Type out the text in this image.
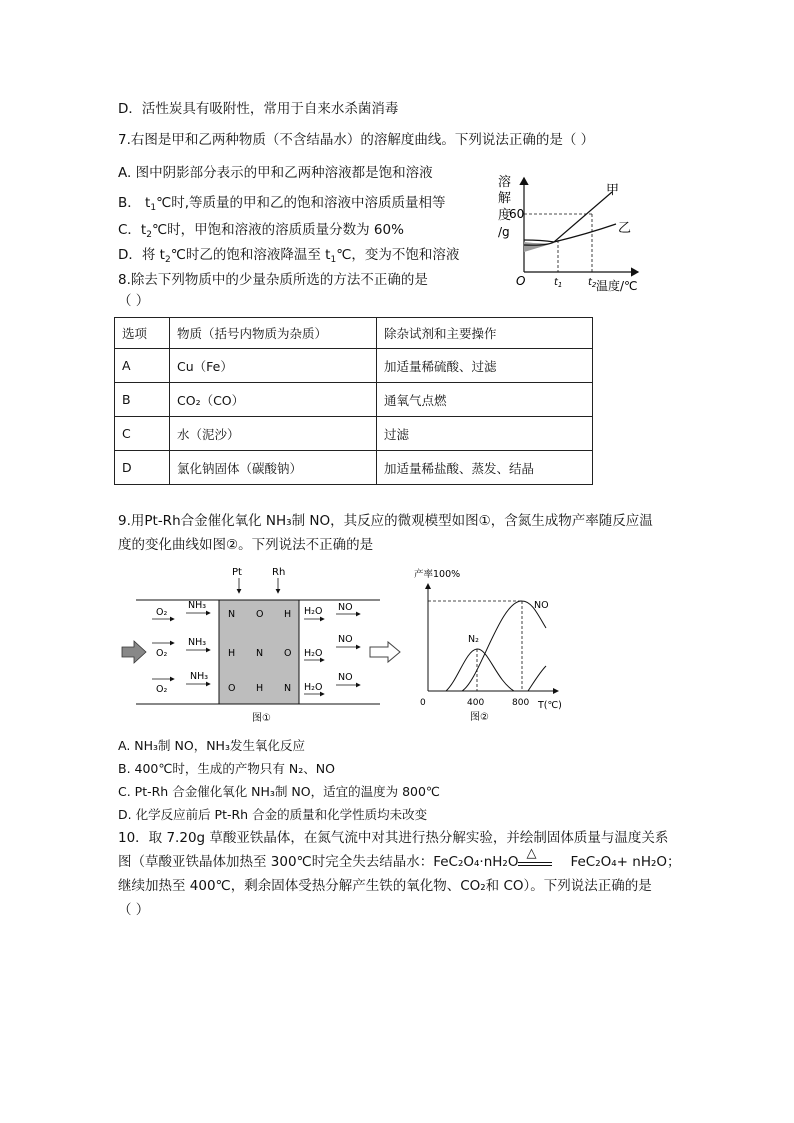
D．活性炭具有吸附性，常用于自来水杀菌消毒
7.右图是甲和乙两种物质（不含结晶水）的溶解度曲线。下列说法正确的是（ ）
A. 图中阴影部分表示的甲和乙两种溶液都是饱和溶液
B． $t_1℃$时,等质量的甲和乙的饱和溶液中溶质质量相等
C．$t_2℃$时，甲饱和溶液的溶质质量分数为 60%
D．将 $t_2℃$时乙的饱和溶液降温至 $t_1℃$，变为不饱和溶液
溶
解
度
/g
60
甲
乙
O	$t_1$	$t_2$ 温度/℃
8.除去下列物质中的少量杂质所选的方法不正确的是
（ ）
选项	物质（括号内物质为杂质）	除杂试剂和主要操作
A	Cu（Fe）	加适量稀硫酸、过滤
B	CO₂（CO）	通氧气点燃
C	水（泥沙）	过滤
D	氯化钠固体（碳酸钠）	加适量稀盐酸、蒸发、结晶
9.用Pt-Rh合金催化氧化 NH₃制 NO，其反应的微观模型如图①，含氮生成物产率随反应温
度的变化曲线如图②。下列说法不正确的是
Pt	Rh
O₂
NH₃
N O H H₂O NO
O₂
NH₃
H N O H₂O
NO
O₂
NH₃
O H N H₂O
NO
图①
产率100%
N₂
NO
0	400	800 T(℃)
图②
A. NH₃制 NO，NH₃发生氧化反应
B. 400℃时，生成的产物只有 N₂、NO
C. Pt-Rh 合金催化氧化 NH₃制 NO，适宜的温度为 800℃
D. 化学反应前后 Pt-Rh 合金的质量和化学性质均未改变
10．取 7.20g 草酸亚铁晶体，在氮气流中对其进行热分解实验，并绘制固体质量与温度关系
图（草酸亚铁晶体加热至 300℃时完全失去结晶水：FeC₂O₄·nH₂O
△
FeC₂O₄+ nH₂O；
继续加热至 400℃，剩余固体受热分解产生铁的氧化物、CO₂和 CO）。下列说法正确的是
（ ）
